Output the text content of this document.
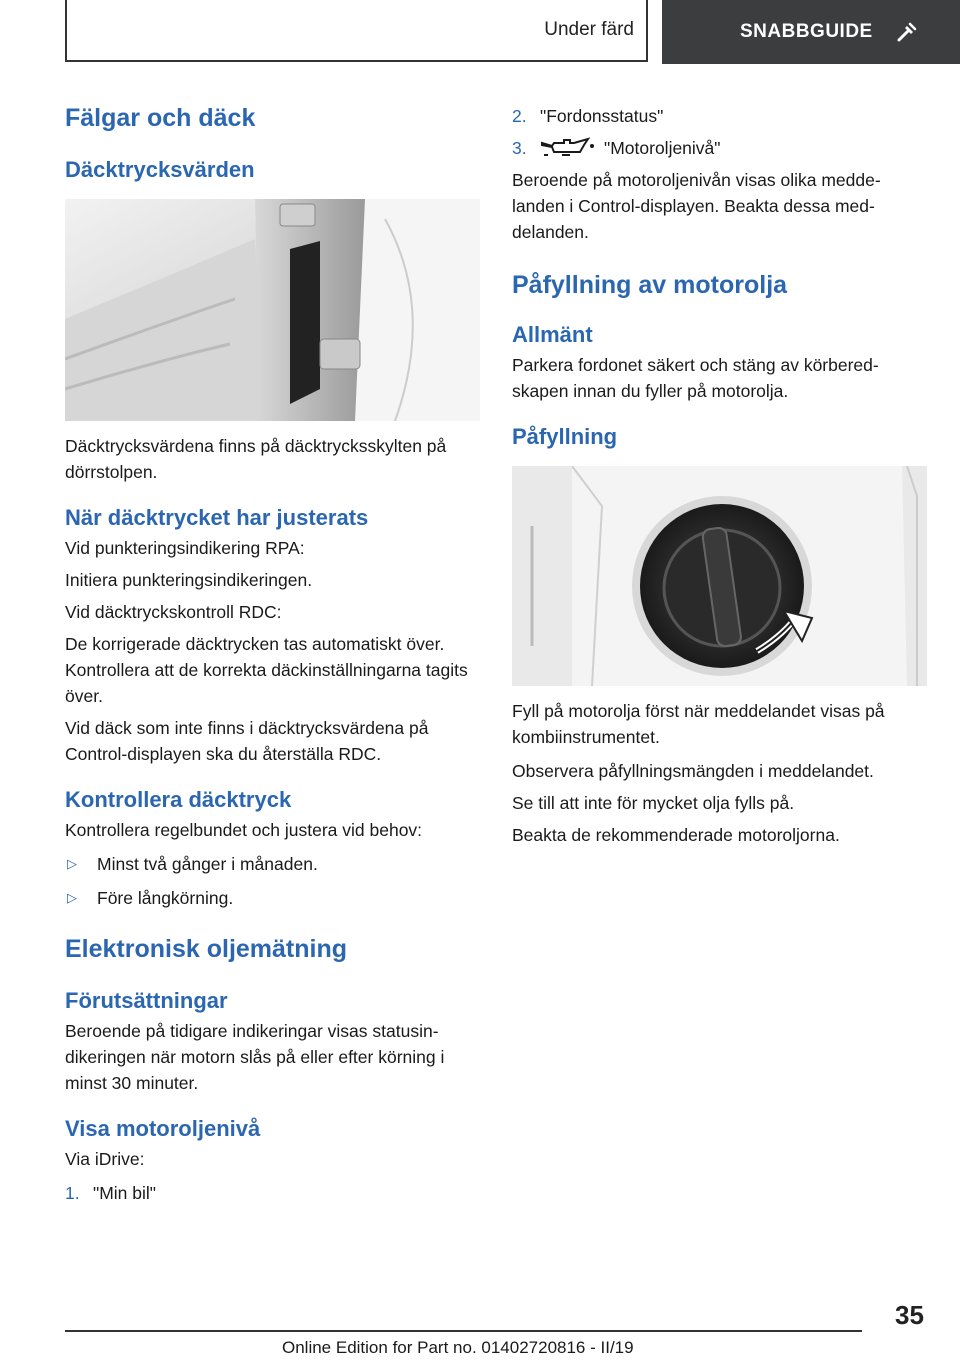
Under färd	SNABBGUIDE
Fälgar och däck
Däcktrycksvärden

Däcktrycksvärdena finns på däcktrycksskylten på dörrstolpen.

När däcktrycket har justerats

Vid punkteringsindikering RPA:

Initiera punkteringsindikeringen.

Vid däcktryckskontroll RDC:

De korrigerade däcktrycken tas automatiskt över. Kontrollera att de korrekta däckinställningarna tagits över.

Vid däck som inte finns i däcktrycksvärdena på Control-displayen ska du återställa RDC.

Kontrollera däcktryck

Kontrollera regelbundet och justera vid behov:

▷	Minst två gånger i månaden.
▷	Före långkörning.
Elektronisk oljemätning
Förutsättningar

Beroende på tidigare indikeringar visas statusindikeringen när motorn slås på eller efter körning i minst 30 minuter.

Visa motoroljenivå

Via iDrive:

1. "Min bil"
2. "Fordonsstatus"
3.	"Motoroljenivå"

Beroende på motoroljenivån visas olika meddelanden i Control-displayen. Beakta dessa meddelanden.

Påfyllning av motorolja
Allmänt

Parkera fordonet säkert och stäng av körberedskapen innan du fyller på motorolja.

Påfyllning

Fyll på motorolja först när meddelandet visas på kombiinstrumentet.

Observera påfyllningsmängden i meddelandet.

Se till att inte för mycket olja fylls på.

Beakta de rekommenderade motoroljorna.

35
Online Edition for Part no. 01402720816 - II/19
